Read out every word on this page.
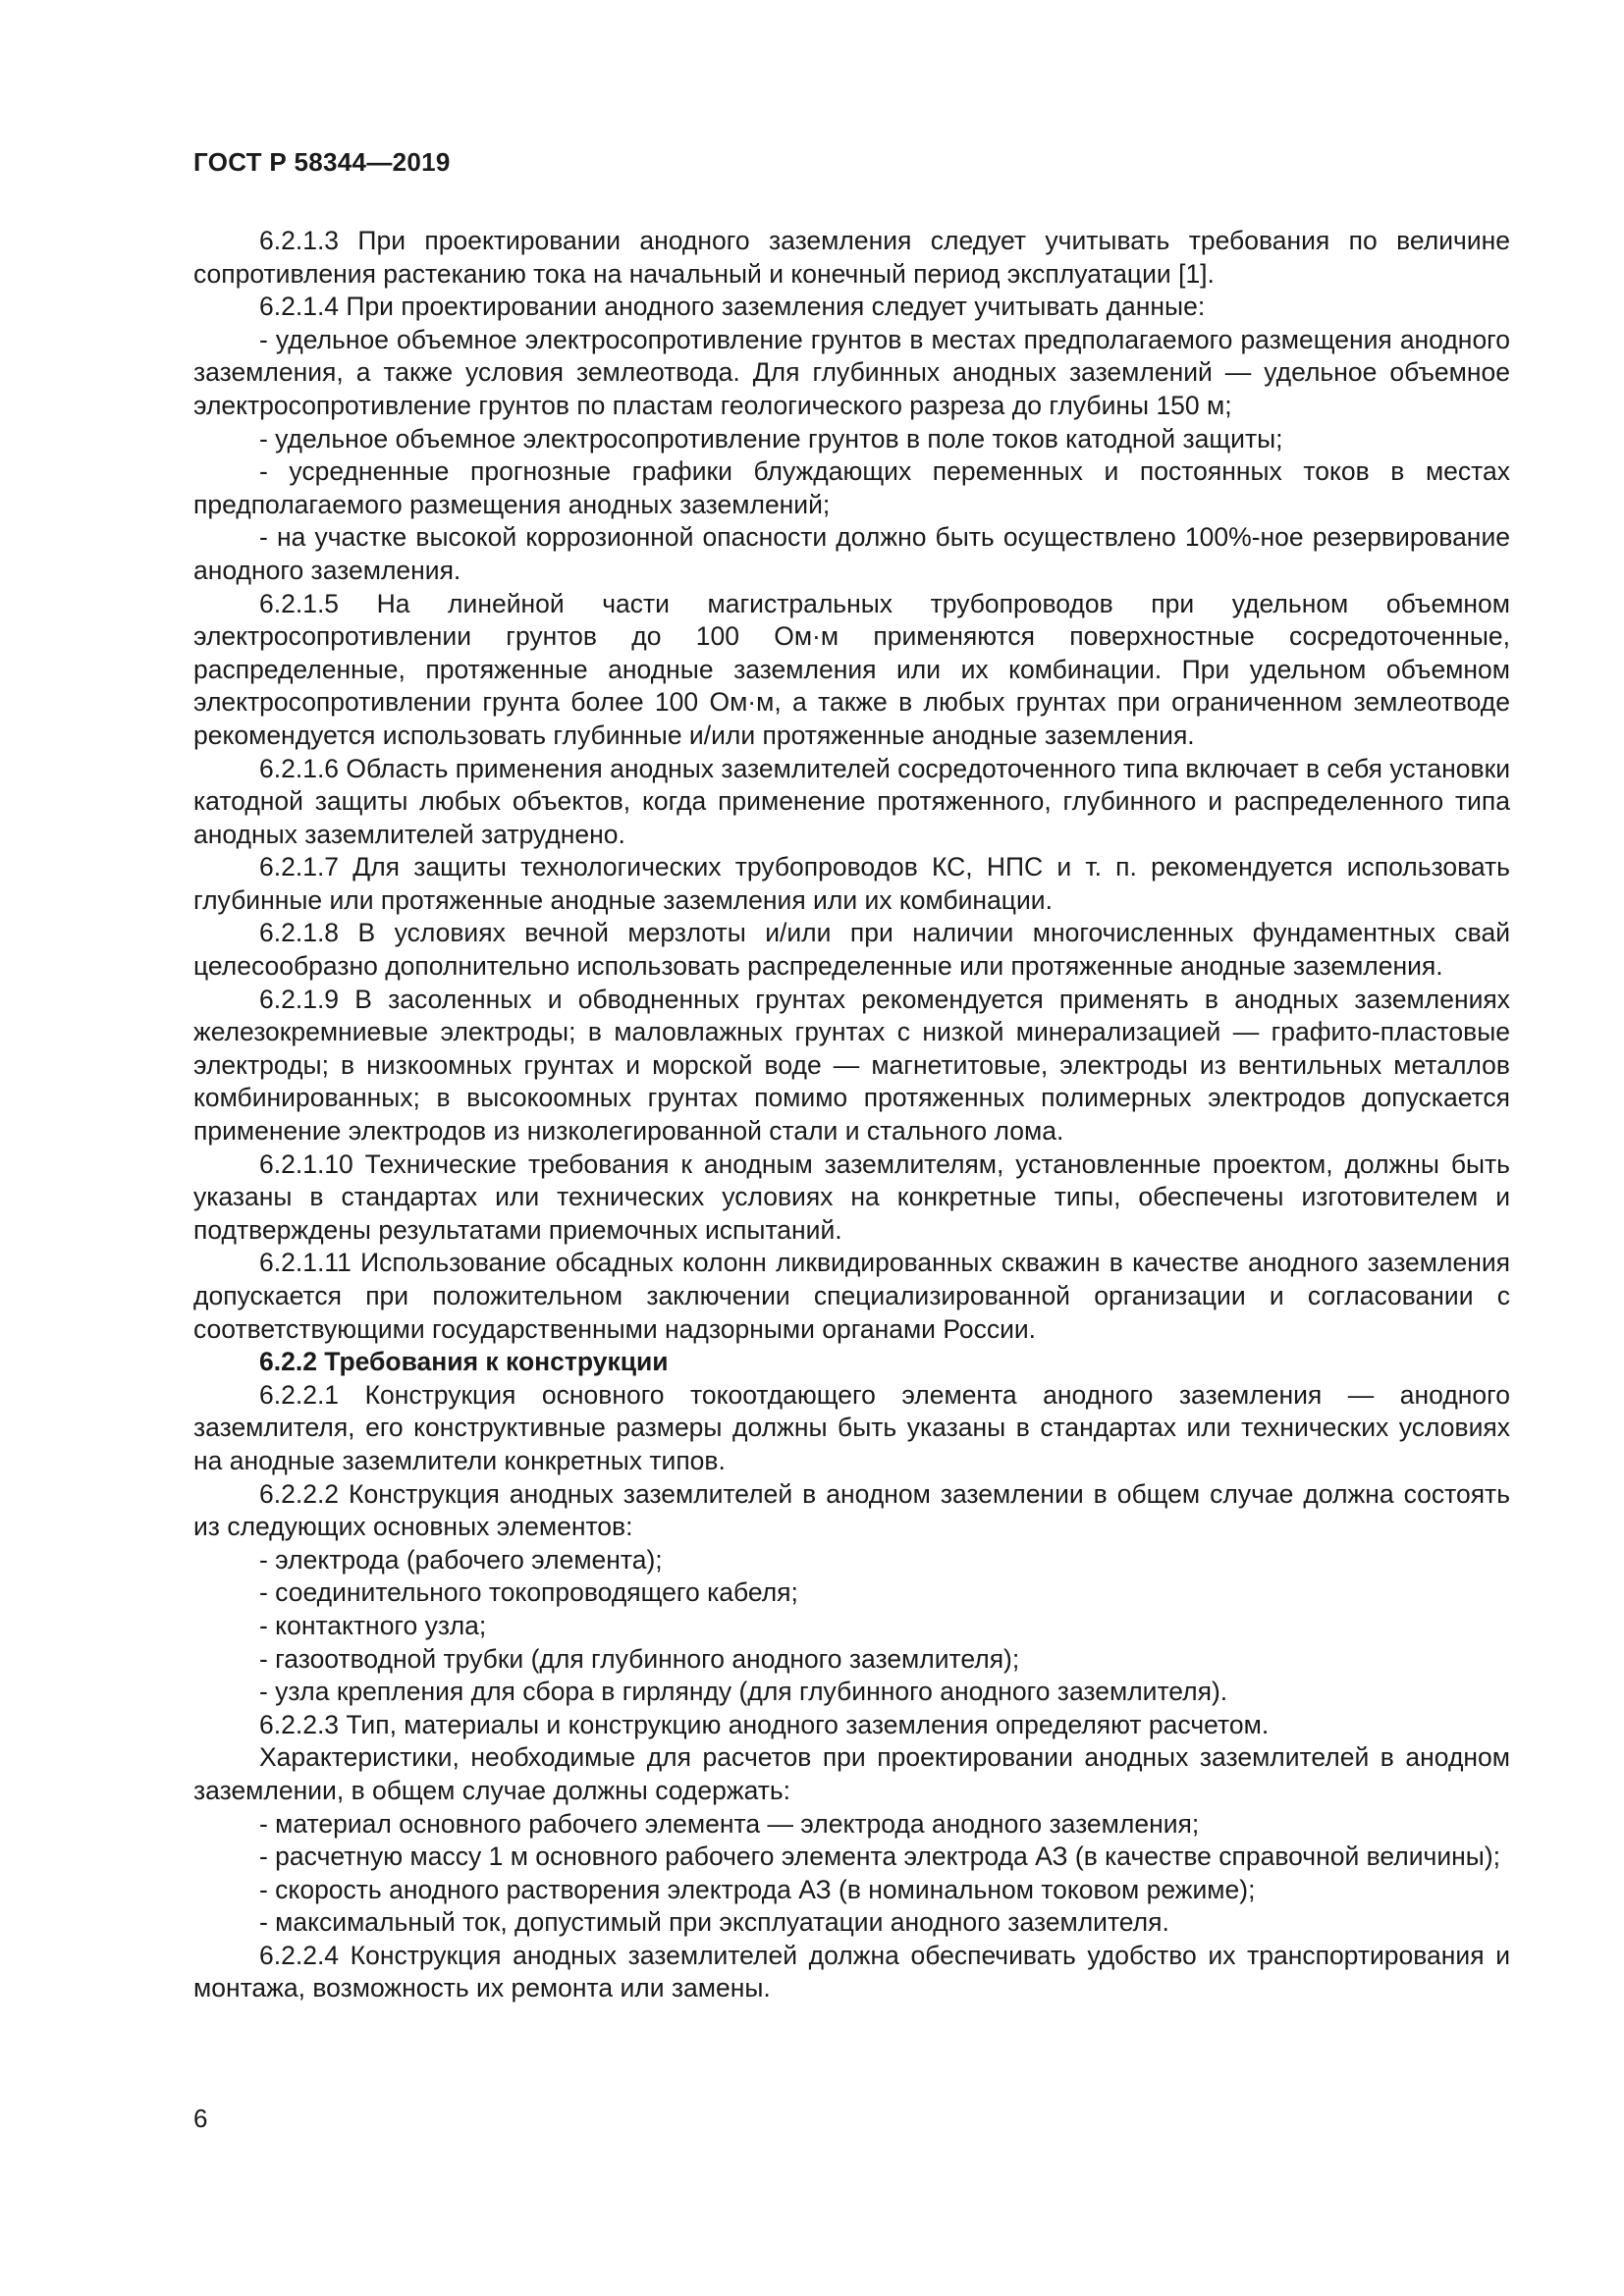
ГОСТ Р 58344—2019

6.2.1.3 При проектировании анодного заземления следует учитывать требования по величине сопротивления растеканию тока на начальный и конечный период эксплуатации [1].

6.2.1.4 При проектировании анодного заземления следует учитывать данные:

- удельное объемное электросопротивление грунтов в местах предполагаемого размещения анодного заземления, а также условия землеотвода. Для глубинных анодных заземлений — удельное объемное электросопротивление грунтов по пластам геологического разреза до глубины 150 м;

- удельное объемное электросопротивление грунтов в поле токов катодной защиты;

- усредненные прогнозные графики блуждающих переменных и постоянных токов в местах предполагаемого размещения анодных заземлений;

- на участке высокой коррозионной опасности должно быть осуществлено 100%-ное резервирование анодного заземления.

6.2.1.5 На линейной части магистральных трубопроводов при удельном объемном электросопротивлении грунтов до 100 Ом·м применяются поверхностные сосредоточенные, распределенные, протяженные анодные заземления или их комбинации. При удельном объемном электросопротивлении грунта более 100 Ом·м, а также в любых грунтах при ограниченном землеотводе рекомендуется использовать глубинные и/или протяженные анодные заземления.

6.2.1.6 Область применения анодных заземлителей сосредоточенного типа включает в себя установки катодной защиты любых объектов, когда применение протяженного, глубинного и распределенного типа анодных заземлителей затруднено.

6.2.1.7 Для защиты технологических трубопроводов КС, НПС и т. п. рекомендуется использовать глубинные или протяженные анодные заземления или их комбинации.

6.2.1.8 В условиях вечной мерзлоты и/или при наличии многочисленных фундаментных свай целесообразно дополнительно использовать распределенные или протяженные анодные заземления.

6.2.1.9 В засоленных и обводненных грунтах рекомендуется применять в анодных заземлениях железокремниевые электроды; в маловлажных грунтах с низкой минерализацией — графито-пластовые электроды; в низкоомных грунтах и морской воде — магнетитовые, электроды из вентильных металлов комбинированных; в высокоомных грунтах помимо протяженных полимерных электродов допускается применение электродов из низколегированной стали и стального лома.

6.2.1.10 Технические требования к анодным заземлителям, установленные проектом, должны быть указаны в стандартах или технических условиях на конкретные типы, обеспечены изготовителем и подтверждены результатами приемочных испытаний.

6.2.1.11 Использование обсадных колонн ликвидированных скважин в качестве анодного заземления допускается при положительном заключении специализированной организации и согласовании с соответствующими государственными надзорными органами России.

6.2.2 Требования к конструкции

6.2.2.1 Конструкция основного токоотдающего элемента анодного заземления — анодного заземлителя, его конструктивные размеры должны быть указаны в стандартах или технических условиях на анодные заземлители конкретных типов.

6.2.2.2 Конструкция анодных заземлителей в анодном заземлении в общем случае должна состоять из следующих основных элементов:

- электрода (рабочего элемента);

- соединительного токопроводящего кабеля;

- контактного узла;

- газоотводной трубки (для глубинного анодного заземлителя);

- узла крепления для сбора в гирлянду (для глубинного анодного заземлителя).

6.2.2.3 Тип, материалы и конструкцию анодного заземления определяют расчетом.

Характеристики, необходимые для расчетов при проектировании анодных заземлителей в анодном заземлении, в общем случае должны содержать:

- материал основного рабочего элемента — электрода анодного заземления;

- расчетную массу 1 м основного рабочего элемента электрода АЗ (в качестве справочной величины);

- скорость анодного растворения электрода АЗ (в номинальном токовом режиме);

- максимальный ток, допустимый при эксплуатации анодного заземлителя.

6.2.2.4 Конструкция анодных заземлителей должна обеспечивать удобство их транспортирования и монтажа, возможность их ремонта или замены.

6
